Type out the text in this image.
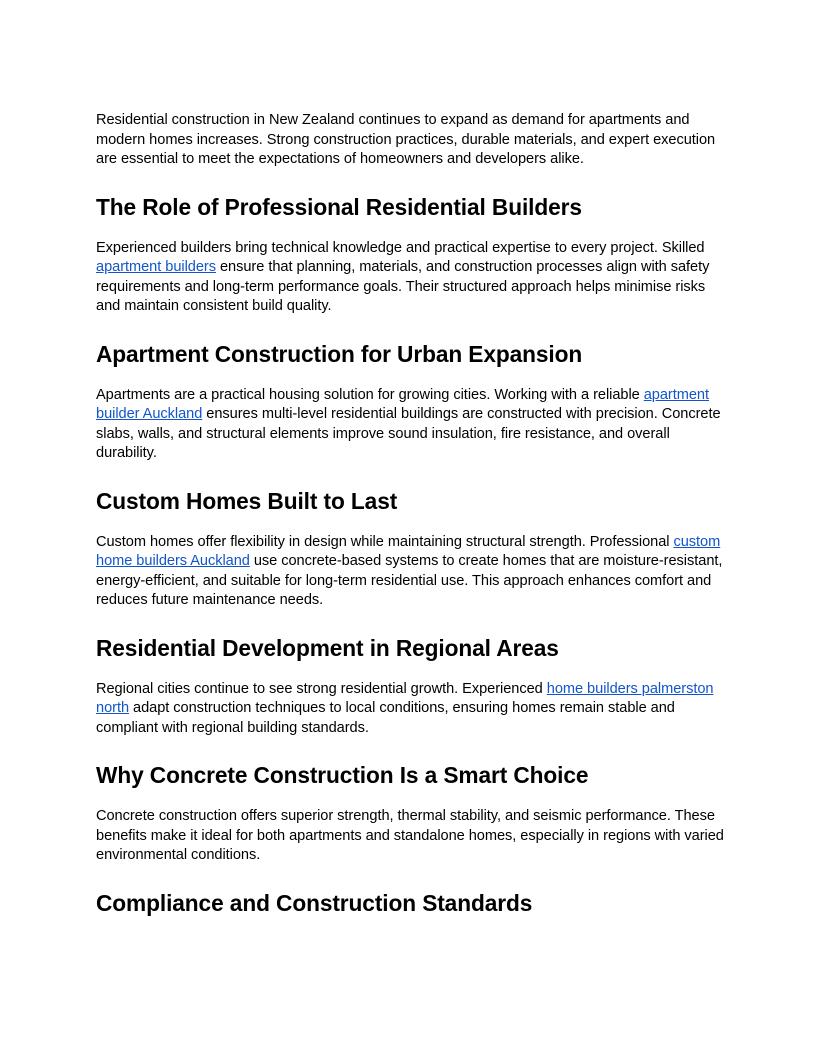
Residential construction in New Zealand continues to expand as demand for apartments and modern homes increases. Strong construction practices, durable materials, and expert execution are essential to meet the expectations of homeowners and developers alike.

The Role of Professional Residential Builders

Experienced builders bring technical knowledge and practical expertise to every project. Skilled apartment builders ensure that planning, materials, and construction processes align with safety requirements and long-term performance goals. Their structured approach helps minimise risks and maintain consistent build quality.

Apartment Construction for Urban Expansion

Apartments are a practical housing solution for growing cities. Working with a reliable apartment builder Auckland ensures multi-level residential buildings are constructed with precision. Concrete slabs, walls, and structural elements improve sound insulation, fire resistance, and overall durability.

Custom Homes Built to Last

Custom homes offer flexibility in design while maintaining structural strength. Professional custom home builders Auckland use concrete-based systems to create homes that are moisture-resistant, energy-efficient, and suitable for long-term residential use. This approach enhances comfort and reduces future maintenance needs.

Residential Development in Regional Areas

Regional cities continue to see strong residential growth. Experienced home builders palmerston north adapt construction techniques to local conditions, ensuring homes remain stable and compliant with regional building standards.

Why Concrete Construction Is a Smart Choice

Concrete construction offers superior strength, thermal stability, and seismic performance. These benefits make it ideal for both apartments and standalone homes, especially in regions with varied environmental conditions.

Compliance and Construction Standards
